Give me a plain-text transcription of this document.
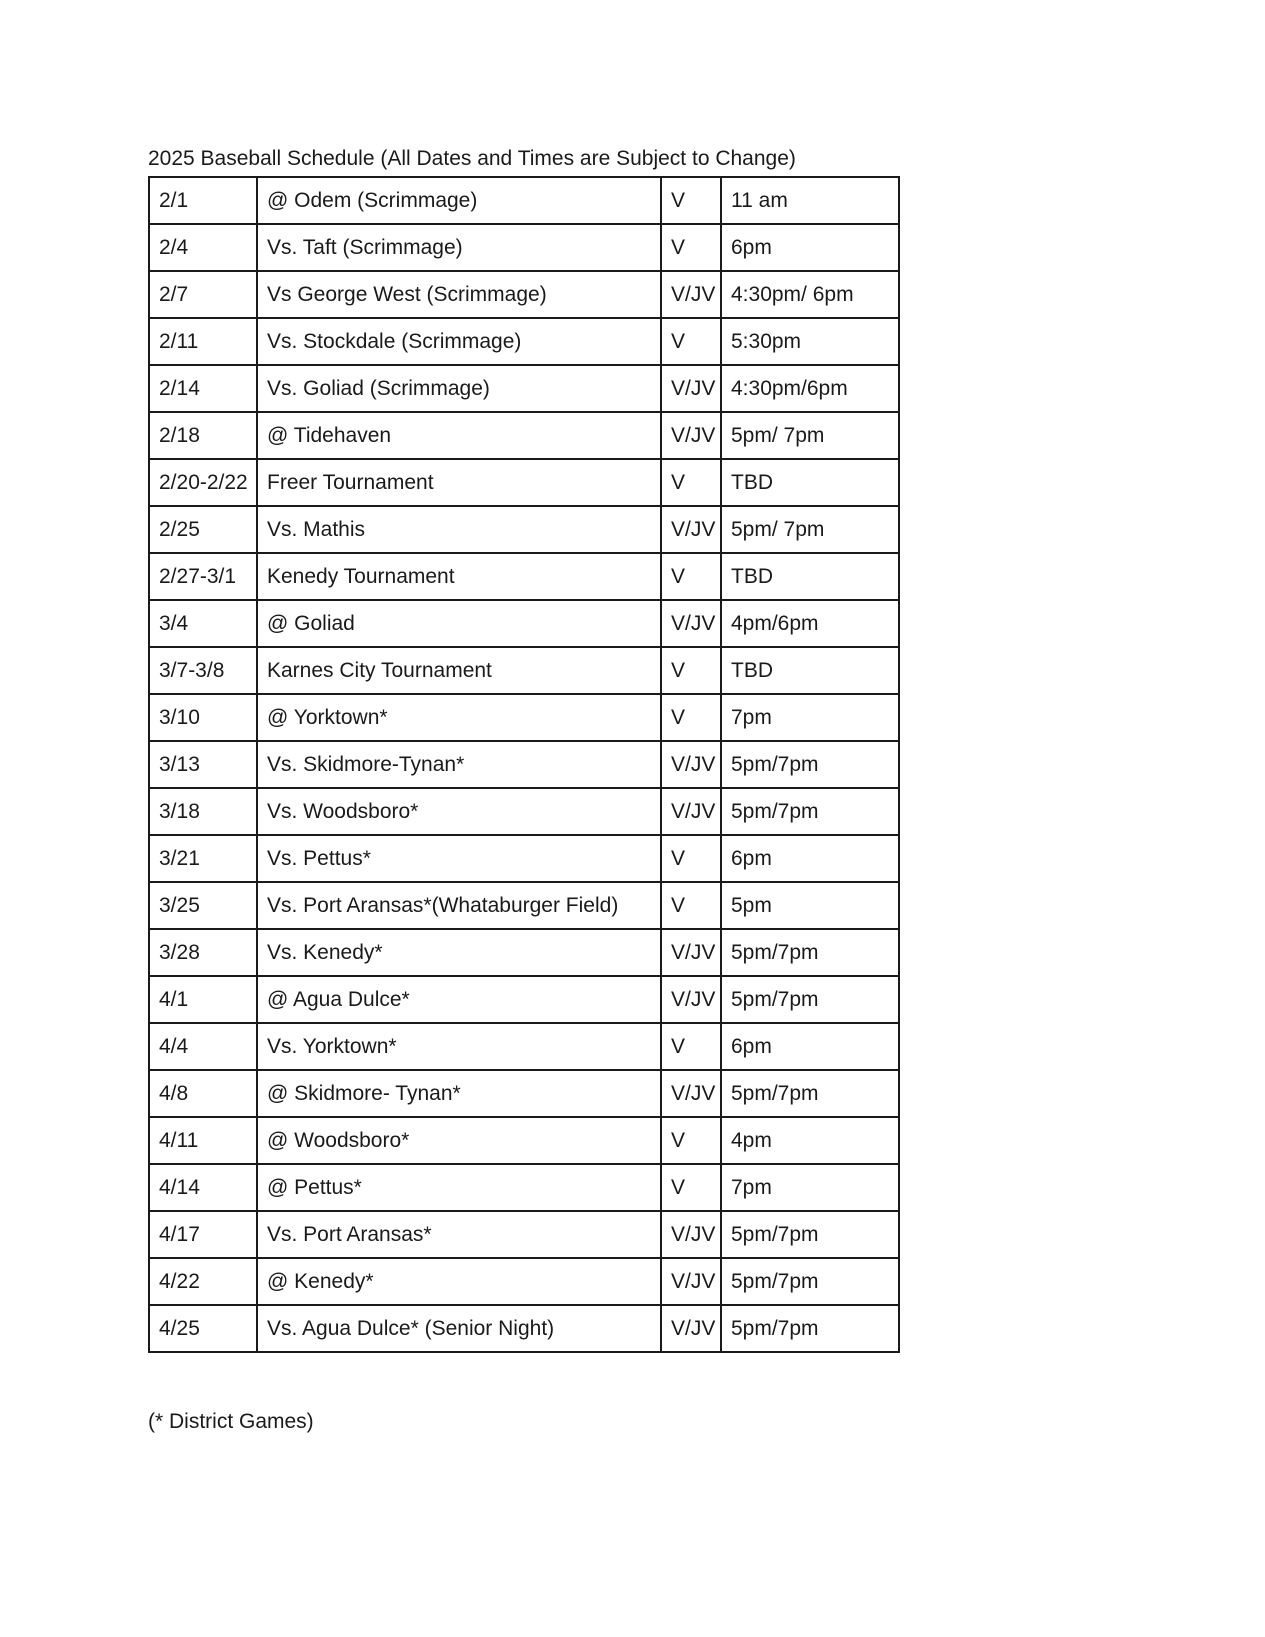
2025 Baseball Schedule (All Dates and Times are Subject to Change)
2/1	@ Odem (Scrimmage)	V	11 am
2/4	Vs. Taft (Scrimmage)	V	6pm
2/7	Vs George West (Scrimmage)	V/JV	4:30pm/ 6pm
2/11	Vs. Stockdale (Scrimmage)	V	5:30pm
2/14	Vs. Goliad (Scrimmage)	V/JV	4:30pm/6pm
2/18	@ Tidehaven	V/JV	5pm/ 7pm
2/20-2/22	Freer Tournament	V	TBD
2/25	Vs. Mathis	V/JV	5pm/ 7pm
2/27-3/1	Kenedy Tournament	V	TBD
3/4	@ Goliad	V/JV	4pm/6pm
3/7-3/8	Karnes City Tournament	V	TBD
3/10	@ Yorktown*	V	7pm
3/13	Vs. Skidmore-Tynan*	V/JV	5pm/7pm
3/18	Vs. Woodsboro*	V/JV	5pm/7pm
3/21	Vs. Pettus*	V	6pm
3/25	Vs. Port Aransas*(Whataburger Field)	V	5pm
3/28	Vs. Kenedy*	V/JV	5pm/7pm
4/1	@ Agua Dulce*	V/JV	5pm/7pm
4/4	Vs. Yorktown*	V	6pm
4/8	@ Skidmore- Tynan*	V/JV	5pm/7pm
4/11	@ Woodsboro*	V	4pm
4/14	@ Pettus*	V	7pm
4/17	Vs. Port Aransas*	V/JV	5pm/7pm
4/22	@ Kenedy*	V/JV	5pm/7pm
4/25	Vs. Agua Dulce* (Senior Night)	V/JV	5pm/7pm
(* District Games)
